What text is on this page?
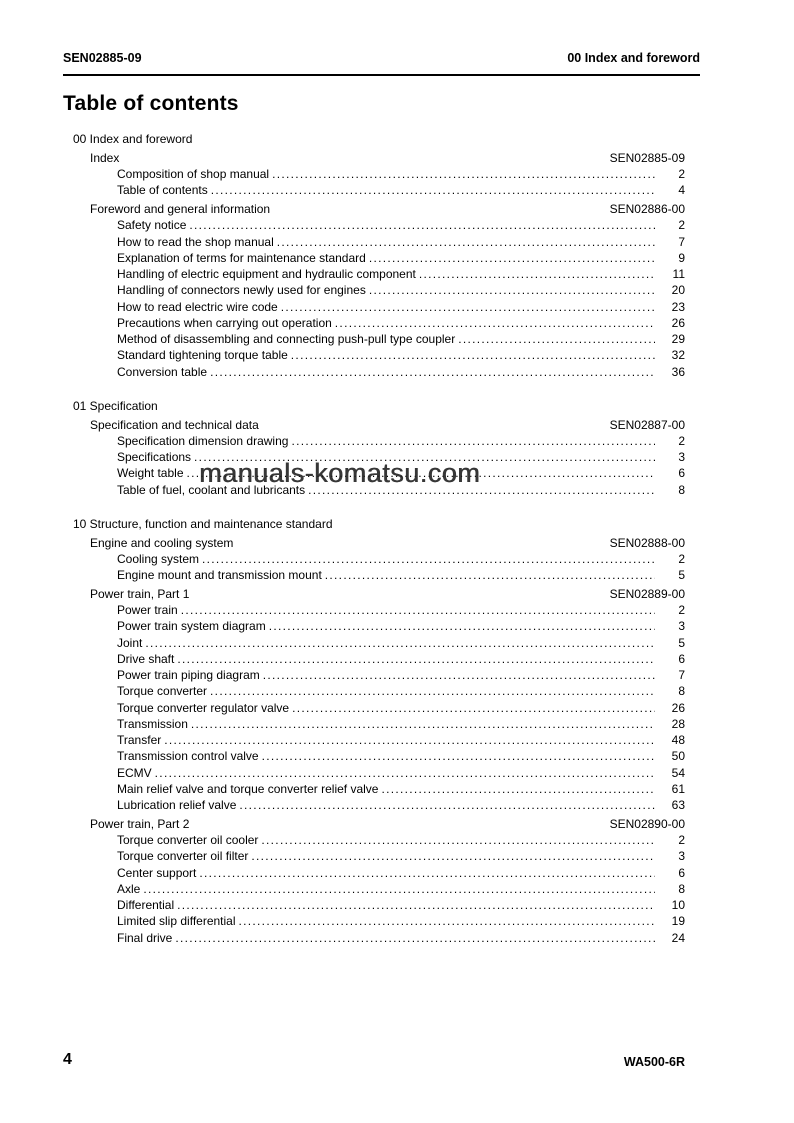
SEN02885-09	00 Index and foreword
Table of contents
00 Index and foreword
Index	SEN02885-09
Composition of shop manual .....	2
Table of contents .....	4
Foreword and general information	SEN02886-00
Safety notice .....	2
How to read the shop manual .....	7
Explanation of terms for maintenance standard .....	9
Handling of electric equipment and hydraulic component .....	11
Handling of connectors newly used for engines .....	20
How to read electric wire code .....	23
Precautions when carrying out operation .....	26
Method of disassembling and connecting push-pull type coupler .....	29
Standard tightening torque table .....	32
Conversion table .....	36
01 Specification
Specification and technical data	SEN02887-00
Specification dimension drawing .....	2
Specifications .....	3
Weight table .....	6
Table of fuel, coolant and lubricants .....	8
10 Structure, function and maintenance standard
Engine and cooling system	SEN02888-00
Cooling system .....	2
Engine mount and transmission mount .....	5
Power train, Part 1	SEN02889-00
Power train .....	2
Power train system diagram .....	3
Joint .....	5
Drive shaft .....	6
Power train piping diagram .....	7
Torque converter .....	8
Torque converter regulator valve .....	26
Transmission .....	28
Transfer .....	48
Transmission control valve .....	50
ECMV .....	54
Main relief valve and torque converter relief valve .....	61
Lubrication relief valve .....	63
Power train, Part 2	SEN02890-00
Torque converter oil cooler .....	2
Torque converter oil filter .....	3
Center support .....	6
Axle .....	8
Differential .....	10
Limited slip differential .....	19
Final drive .....	24
manuals-komatsu.com
4	WA500-6R
